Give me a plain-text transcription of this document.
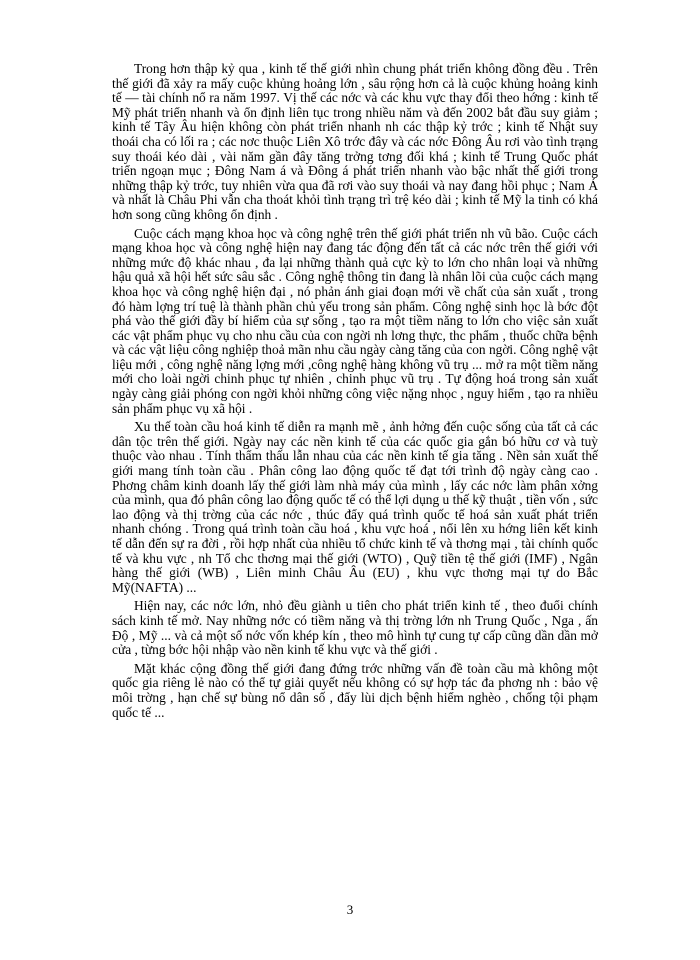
Trong hơn thập kỷ qua , kinh tế thế giới nhìn chung phát triển không đồng đều . Trên thế giới đã xảy ra mấy cuộc khủng hoảng lớn , sâu rộng hơn cả là cuộc khủng hoảng kinh tế — tài chính nổ ra năm 1997. Vị thế các nớc và các khu vực thay đổi theo hớng : kinh tế Mỹ phát triển nhanh và ổn định liên tục trong nhiều năm và đến 2002 bắt đầu suy giảm ; kinh tế Tây Âu hiện không còn phát triển nhanh nh các thập kỷ trớc ; kinh tế Nhật suy thoái cha có lối ra ; các nơc thuộc Liên Xô trớc đây và các nớc Đông Âu rơi vào tình trạng suy thoái kéo dài , vài năm gần đây tăng trởng tơng đối khá ; kinh tế Trung Quốc phát triển ngoạn mục ; Đông Nam á và Đông á phát triển nhanh vào bậc nhất thế giới trong những thập kỷ trớc, tuy nhiên vừa qua đã rơi vào suy thoái và nay đang hồi phục ; Nam Á và nhất là Châu Phi vẫn cha thoát khỏi tình trạng trì trệ kéo dài ; kinh tế Mỹ la tinh có khá hơn song cũng không ổn định .

Cuộc cách mạng khoa học và công nghệ trên thế giới phát triển nh vũ bão. Cuộc cách mạng khoa học và công nghệ hiện nay đang tác động đến tất cả các nớc trên thế giới với những mức độ khác nhau , đa lại những thành quả cực kỳ to lớn cho nhân loại và những hậu quả xã hội hết sức sâu sắc . Công nghệ thông tin đang là nhân lõi của cuộc cách mạng khoa học và công nghệ hiện đại , nó phản ánh giai đoạn mới về chất của sản xuất , trong đó hàm lợng trí tuệ là thành phần chủ yếu trong sản phẩm. Công nghệ sinh học là bớc đột phá vào thế giới đầy bí hiểm của sự sống , tạo ra một tiềm năng to lớn cho việc sản xuất các vật phẩm phục vụ cho nhu cầu của con ngời nh lơng thực, thc phẩm , thuốc chữa bệnh và các vật liệu công nghiệp thoả mãn nhu cầu ngày càng tăng của con ngời. Công nghệ vật liệu mới , công nghệ năng lợng mới ,công nghệ hàng không vũ trụ ... mở ra một tiềm năng mới cho loài ngời chinh phục tự nhiên , chinh phục vũ trụ . Tự động hoá trong sản xuất ngày càng giải phóng con ngời khỏi những công việc nặng nhọc , nguy hiểm , tạo ra nhiều sản phẩm phục vụ xã hội .

Xu thế toàn cầu hoá kinh tế diễn ra mạnh mẽ , ảnh hởng đến cuộc sống của tất cả các dân tộc trên thế giới. Ngày nay các nền kinh tế của các quốc gia gắn bó hữu cơ và tuỳ thuộc vào nhau . Tính thẩm thấu lẫn nhau của các nền kinh tế gia tăng . Nền sản xuất thế giới mang tính toàn cầu . Phân công lao động quốc tế đạt tới trình độ ngày càng cao . Phơng châm kinh doanh lấy thế giới làm nhà máy của mình , lấy các nớc làm phân xởng của mình, qua đó phân công lao động quốc tế có thể lợi dụng u thế kỹ thuật , tiền vốn , sức lao động và thị trờng của các nớc , thúc đẩy quá trình quốc tế hoá sản xuất phát triển nhanh chóng . Trong quá trình toàn cầu hoá , khu vực hoá , nổi lên xu hớng liên kết kinh tế dẫn đến sự ra đời , rồi hợp nhất của nhiều tổ chức kinh tế và thơng mại , tài chính quốc tế và khu vực , nh Tổ chc thơng mại thế giới (WTO) , Quỹ tiền tệ thế giới (IMF) , Ngân hàng thế giới (WB) , Liên minh Châu Âu (EU) , khu vực thơng mại tự do Bắc Mỹ(NAFTA) ...

Hiện nay, các nớc lớn, nhỏ đều giành u tiên cho phát triển kinh tế , theo đuổi chính sách kinh tế mở. Nay những nớc có tiềm năng và thị trờng lớn nh Trung Quốc , Nga , ấn Độ , Mỹ ... và cả một số nớc vốn khép kín , theo mô hình tự cung tự cấp cũng dần dần mở cửa , từng bớc hội nhập vào nền kinh tế khu vực và thế giới .

Mặt khác cộng đồng thế giới đang đứng trớc những vấn đề toàn cầu mà không một quốc gia riêng lẻ nào có thể tự giải quyết nếu không có sự hợp tác đa phơng nh : bảo vệ môi trờng , hạn chế sự bùng nổ dân số , đẩy lùi dịch bệnh hiểm nghèo , chống tội phạm quốc tế ...

3
